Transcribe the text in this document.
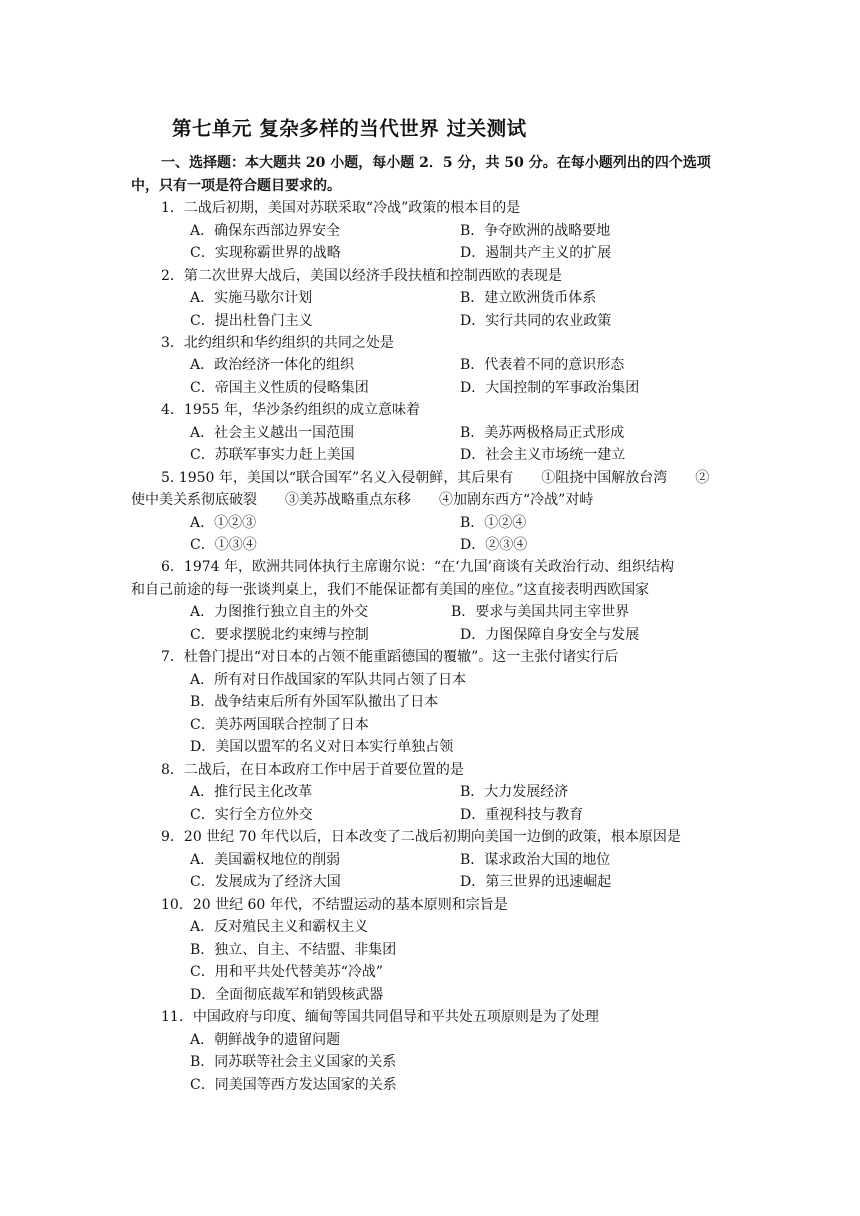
第七单元 复杂多样的当代世界 过关测试
一、选择题：本大题共 20 小题，每小题 2．5 分，共 50 分。在每小题列出的四个选项
中，只有一项是符合题目要求的。
1．二战后初期，美国对苏联采取“冷战”政策的根本目的是
A．确保东西部边界安全	B．争夺欧洲的战略要地
C．实现称霸世界的战略	D．遏制共产主义的扩展
2．第二次世界大战后，美国以经济手段扶植和控制西欧的表现是
A．实施马歇尔计划	B．建立欧洲货币体系
C．提出杜鲁门主义	D．实行共同的农业政策
3．北约组织和华约组织的共同之处是
A．政治经济一体化的组织	B．代表着不同的意识形态
C．帝国主义性质的侵略集团	D．大国控制的军事政治集团
4．1955 年，华沙条约组织的成立意味着
A．社会主义越出一国范围	B．美苏两极格局正式形成
C．苏联军事实力赶上美国	D．社会主义市场统一建立
5. 1950 年，美国以“联合国军”名义入侵朝鲜，其后果有　　①阻挠中国解放台湾　　②
使中美关系彻底破裂　　③美苏战略重点东移　　④加剧东西方“冷战”对峙
A．①②③	B．①②④
C．①③④	D．②③④
6．1974 年，欧洲共同体执行主席谢尔说：“在‘九国’商谈有关政治行动、组织结构
和自己前途的每一张谈判桌上，我们不能保证都有美国的座位。”这直接表明西欧国家
A．力图推行独立自主的外交	B．要求与美国共同主宰世界
C．要求摆脱北约束缚与控制	D．力图保障自身安全与发展
7．杜鲁门提出“对日本的占领不能重蹈德国的覆辙”。这一主张付诸实行后
A．所有对日作战国家的军队共同占领了日本
B．战争结束后所有外国军队撤出了日本
C．美苏两国联合控制了日本
D．美国以盟军的名义对日本实行单独占领
8．二战后，在日本政府工作中居于首要位置的是
A．推行民主化改革	B．大力发展经济
C．实行全方位外交	D．重视科技与教育
9．20 世纪 70 年代以后，日本改变了二战后初期向美国一边倒的政策，根本原因是
A．美国霸权地位的削弱	B．谋求政治大国的地位
C．发展成为了经济大国	D．第三世界的迅速崛起
10．20 世纪 60 年代，不结盟运动的基本原则和宗旨是
A．反对殖民主义和霸权主义
B．独立、自主、不结盟、非集团
C．用和平共处代替美苏“冷战”
D．全面彻底裁军和销毁核武器
11．中国政府与印度、缅甸等国共同倡导和平共处五项原则是为了处理
A．朝鲜战争的遗留问题
B．同苏联等社会主义国家的关系
C．同美国等西方发达国家的关系
